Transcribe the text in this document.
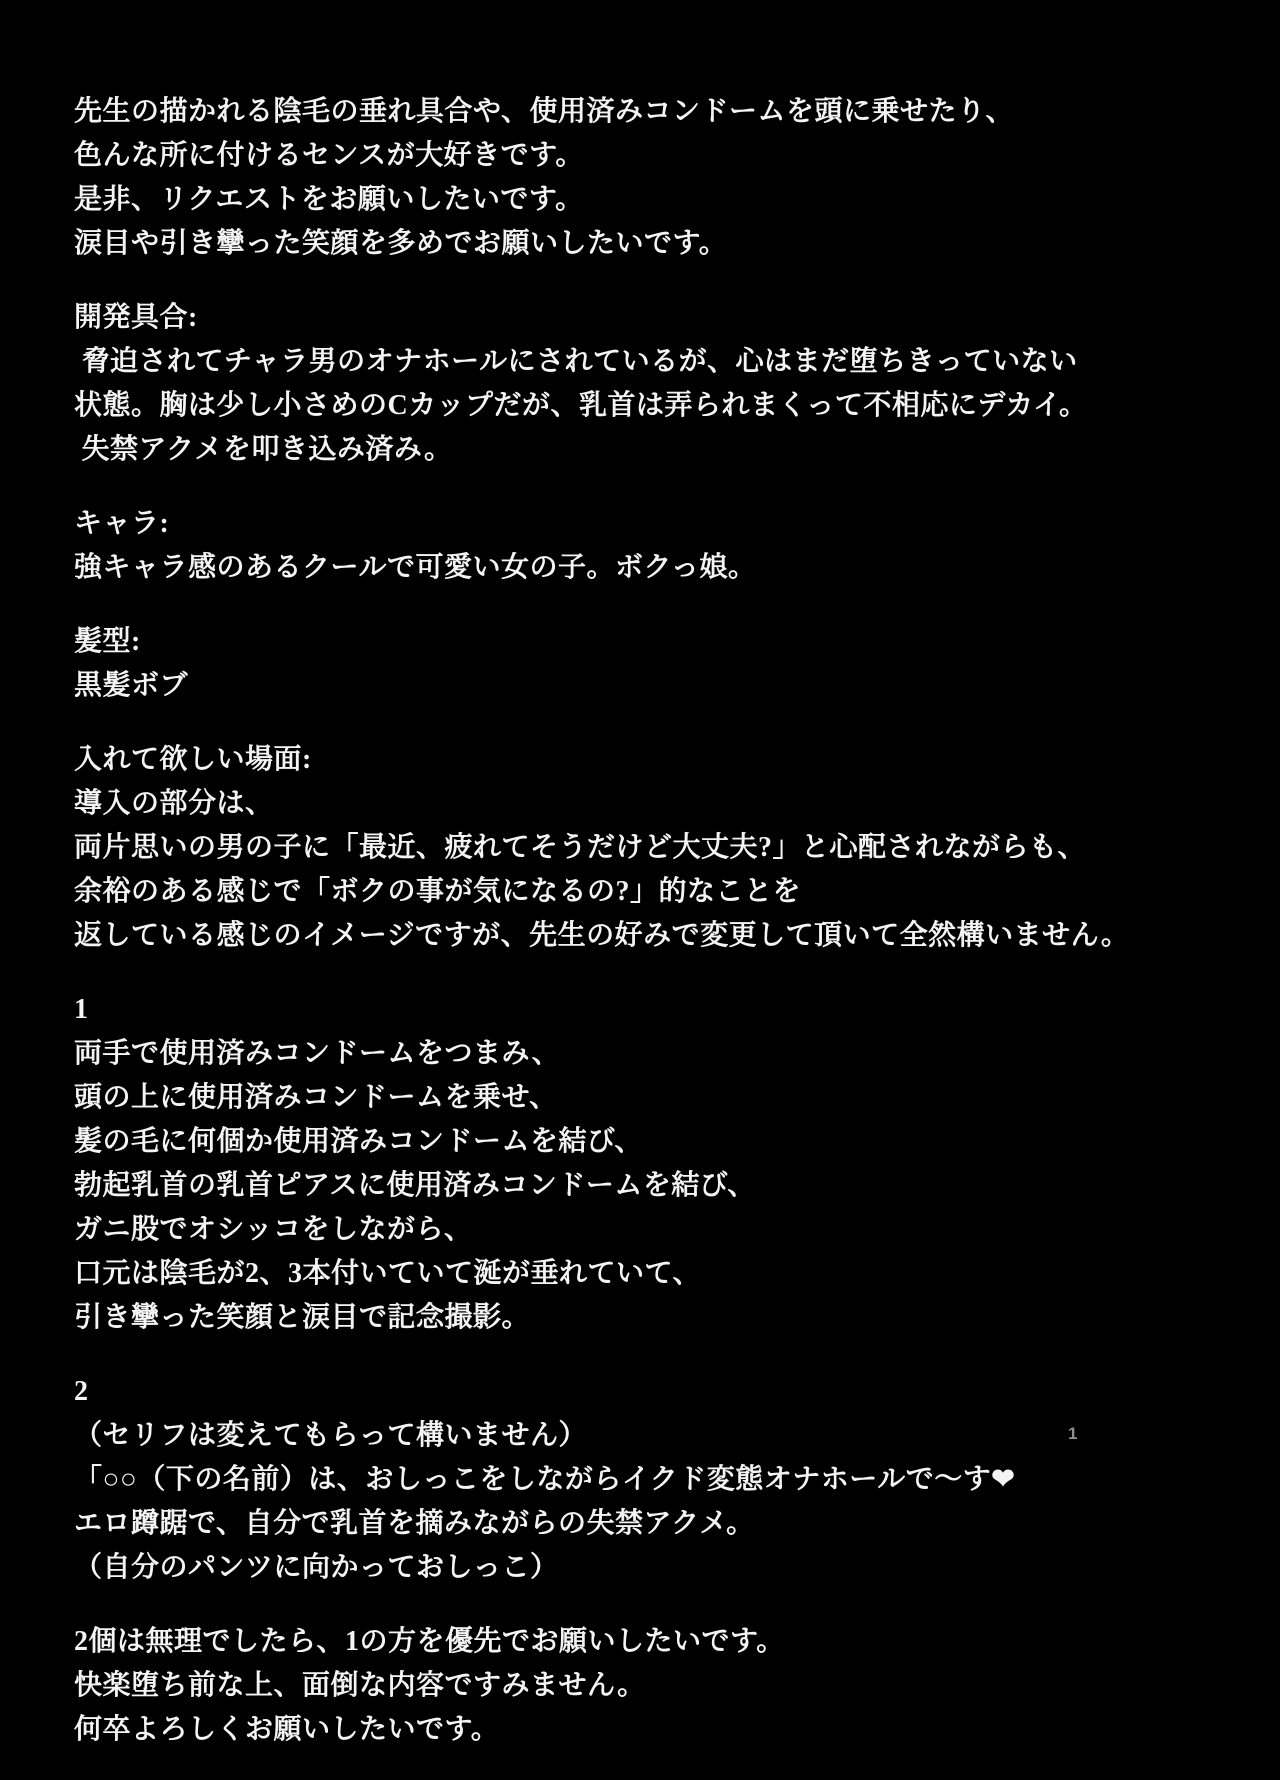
先生の描かれる陰毛の垂れ具合や、使用済みコンドームを頭に乗せたり、
色んな所に付けるセンスが大好きです。
是非、リクエストをお願いしたいです。
涙目や引き攣った笑顔を多めでお願いしたいです。
開発具合:
脅迫されてチャラ男のオナホールにされているが、心はまだ堕ちきっていない
状態。胸は少し小さめのCカップだが、乳首は弄られまくって不相応にデカイ。
失禁アクメを叩き込み済み。
キャラ:
強キャラ感のあるクールで可愛い女の子。ボクっ娘。
髪型:
黒髪ボブ
入れて欲しい場面:
導入の部分は、
両片思いの男の子に「最近、疲れてそうだけど大丈夫?」と心配されながらも、
余裕のある感じで「ボクの事が気になるの?」的なことを
返している感じのイメージですが、先生の好みで変更して頂いて全然構いません。
1
両手で使用済みコンドームをつまみ、
頭の上に使用済みコンドームを乗せ、
髪の毛に何個か使用済みコンドームを結び、
勃起乳首の乳首ピアスに使用済みコンドームを結び、
ガニ股でオシッコをしながら、
口元は陰毛が2、3本付いていて涎が垂れていて、
引き攣った笑顔と涙目で記念撮影。
2
（セリフは変えてもらって構いません）
「○○（下の名前）は、おしっこをしながらイクド変態オナホールで～す❤
エロ蹲踞で、自分で乳首を摘みながらの失禁アクメ。
（自分のパンツに向かっておしっこ）
2個は無理でしたら、1の方を優先でお願いしたいです。
快楽堕ち前な上、面倒な内容ですみません。
何卒よろしくお願いしたいです。
1
